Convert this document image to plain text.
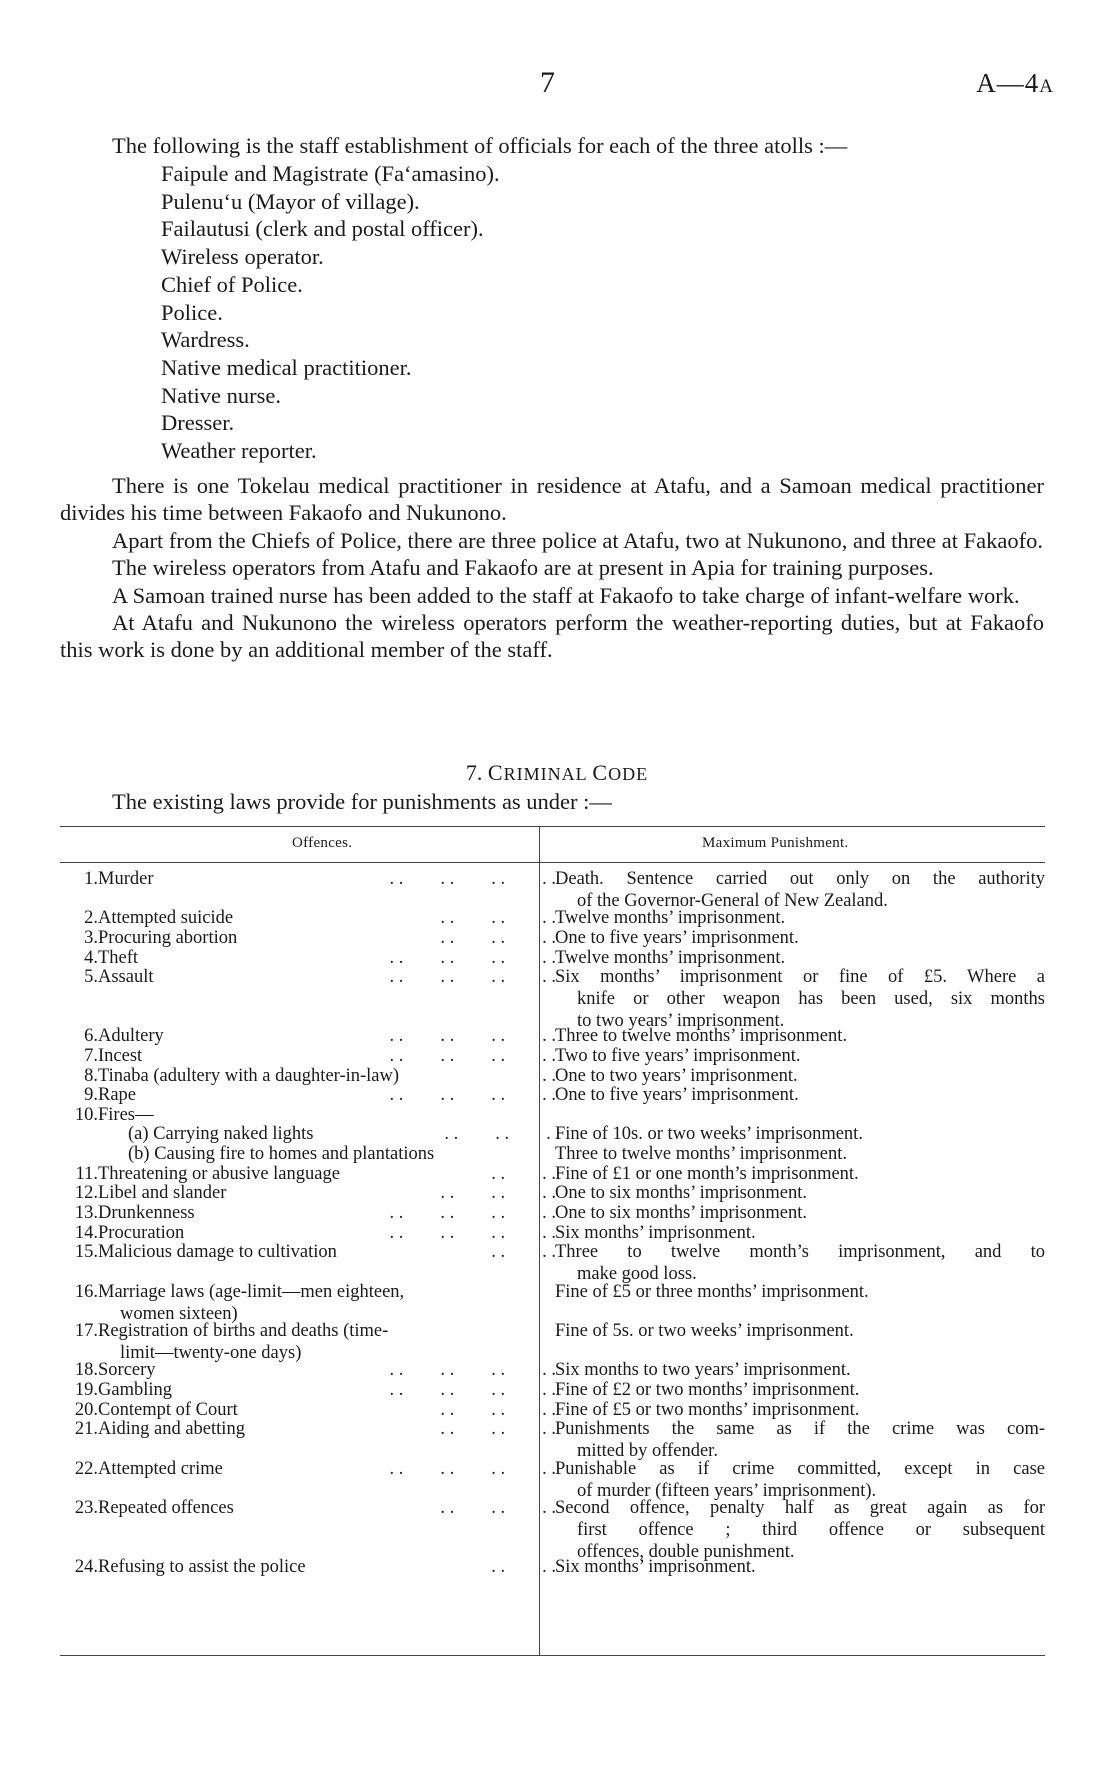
7	A—4A
The following is the staff establishment of officials for each of the three atolls :—
Faipule and Magistrate (Fa‘amasino).
Pulenu‘u (Mayor of village).
Failautusi (clerk and postal officer).
Wireless operator.
Chief of Police.
Police.
Wardress.
Native medical practitioner.
Native nurse.
Dresser.
Weather reporter.

There is one Tokelau medical practitioner in residence at Atafu, and a Samoan medical practitioner divides his time between Fakaofo and Nukunono.

Apart from the Chiefs of Police, there are three police at Atafu, two at Nukunono, and three at Fakaofo.

The wireless operators from Atafu and Fakaofo are at present in Apia for training purposes.

A Samoan trained nurse has been added to the staff at Fakaofo to take charge of infant-welfare work.

At Atafu and Nukunono the wireless operators perform the weather-reporting duties, but at Fakaofo this work is done by an additional member of the staff.

7. CRIMINAL CODE
The existing laws provide for punishments as under :—
Offences.	Maximum Punishment.
1. Murder	. .        . .        . .        . . Death. Sentence carried out only on the authority
of the Governor-General of New Zealand.
2. Attempted suicide	. .        . .        . . Twelve months’ imprisonment.
3. Procuring abortion	. .        . .        . . One to five years’ imprisonment.
4. Theft	. .        . .        . .        . . Twelve months’ imprisonment.
5. Assault	. .        . .        . .        . . Six months’ imprisonment or fine of £5. Where a
knife or other weapon has been used, six months
to two years’ imprisonment.
6. Adultery	. .        . .        . .        . . Three to twelve months’ imprisonment.
7. Incest	. .        . .        . .        . . Two to five years’ imprisonment.
8. Tinaba (adultery with a daughter-in-law)	. . One to two years’ imprisonment.
9. Rape	. .        . .        . .        . . One to five years’ imprisonment.
10. Fires—
(a) Carrying naked lights	. .        . .        . .
Fine of 10s. or two weeks’ imprisonment.
(b) Causing fire to homes and plantations	Three to twelve months’ imprisonment.
11. Threatening or abusive language	. .        . . Fine of £1 or one month’s imprisonment.
12. Libel and slander	. .        . .        . . One to six months’ imprisonment.
13. Drunkenness	. .        . .        . .        . . One to six months’ imprisonment.
14. Procuration	. .        . .        . .        . . Six months’ imprisonment.
15. Malicious damage to cultivation	. .        . . Three to twelve month’s imprisonment, and to
make good loss.
16. Marriage laws (age-limit—men eighteen,
women sixteen)
Fine of £5 or three months’ imprisonment.
17. Registration of births and deaths (time-
limit—twenty-one days)
Fine of 5s. or two weeks’ imprisonment.
18. Sorcery	. .        . .        . .        . . Six months to two years’ imprisonment.
19. Gambling	. .        . .        . .        . . Fine of £2 or two months’ imprisonment.
20. Contempt of Court	. .        . .        . . Fine of £5 or two months’ imprisonment.
21. Aiding and abetting	. .        . .        . . Punishments the same as if the crime was com-
mitted by offender.
22. Attempted crime	. .        . .        . .        . . Punishable as if crime committed, except in case
of murder (fifteen years’ imprisonment).
23. Repeated offences	. .        . .        . . Second offence, penalty half as great again as for
first offence ; third offence or subsequent
offences, double punishment.
24. Refusing to assist the police	. .        . . Six months’ imprisonment.
